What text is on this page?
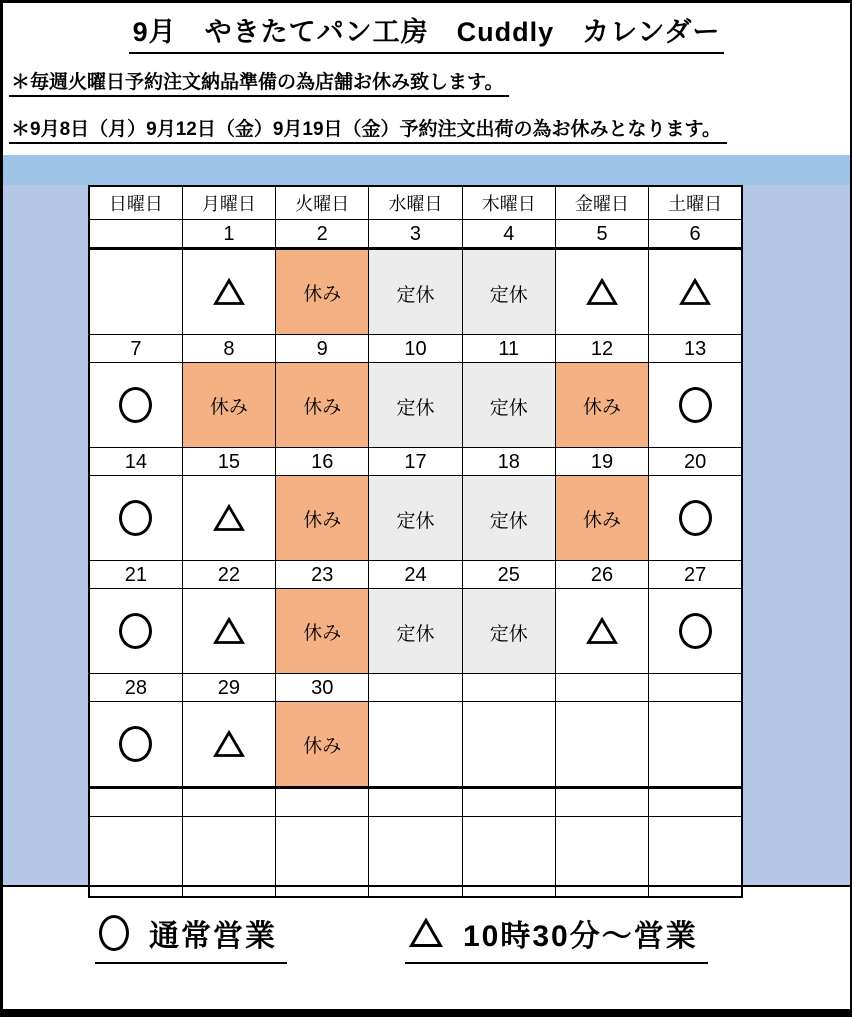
9月　やきたてパン工房　Cuddly　カレンダー
＊毎週火曜日予約注文納品準備の為店舗お休み致します。
＊9月8日（月）9月12日（金）9月19日（金）予約注文出荷の為お休みとなります。
日曜日	月曜日	火曜日	水曜日	木曜日	金曜日	土曜日
	1	2	3	4	5	6
		休み	定休	定休		
7	8	9	10	11	12	13
	休み	休み	定休	定休	休み	
14	15	16	17	18	19	20
		休み	定休	定休	休み	
21	22	23	24	25	26	27
		休み	定休	定休		
28	29	30				
		休み				

通常営業	10時30分～営業
